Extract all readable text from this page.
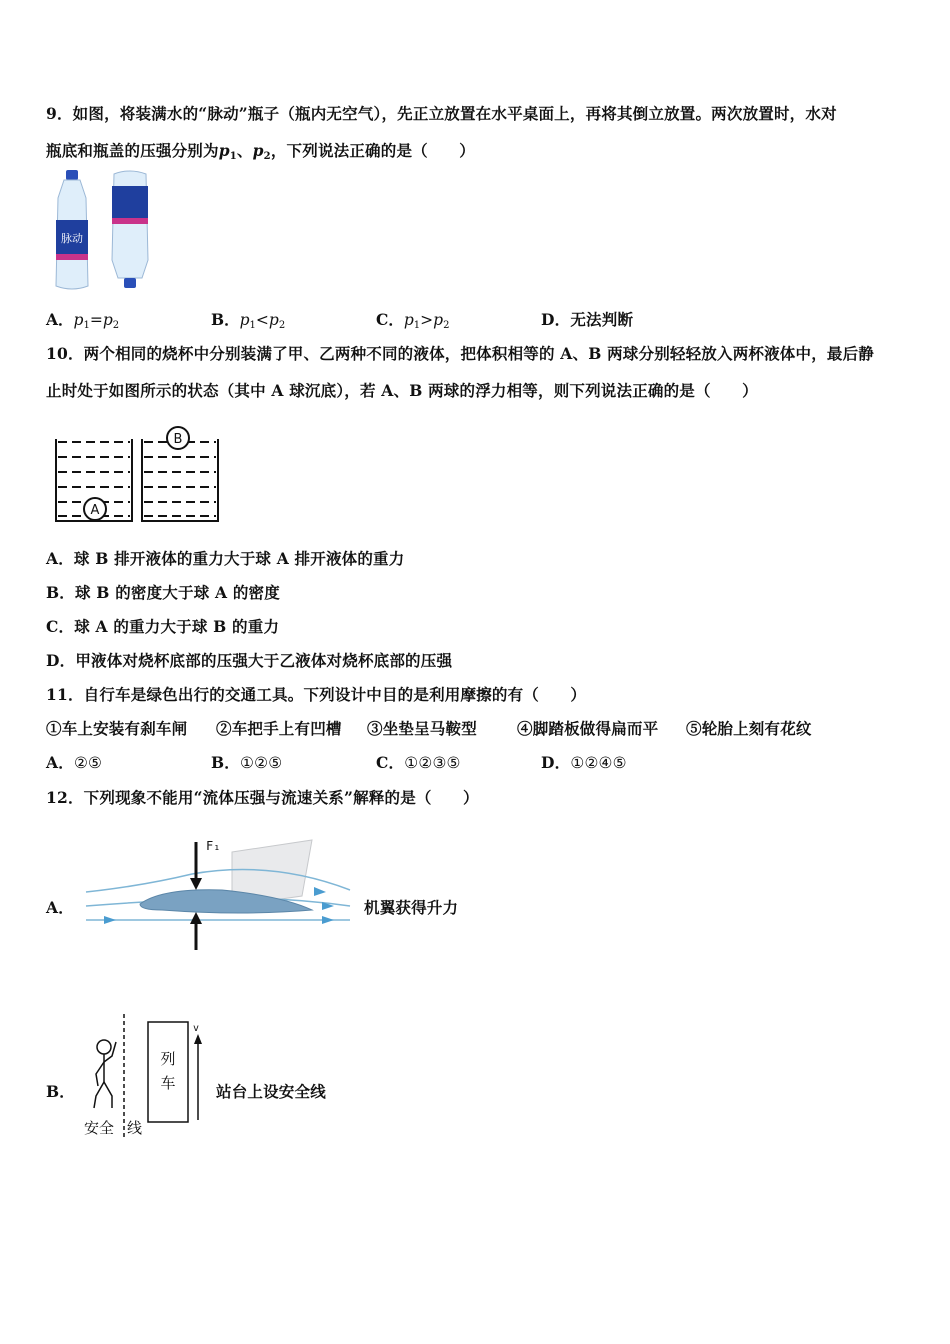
9．如图，将装满水的“脉动”瓶子（瓶内无空气），先正立放置在水平桌面上，再将其倒立放置。两次放置时，水对
瓶底和瓶盖的压强分别为$p_1$、$p_2$，下列说法正确的是（　　）
脉动
A．$p_1=p_2$	B．$p_1<p_2$	C．$p_1>p_2$	D．无法判断
10．两个相同的烧杯中分别装满了甲、乙两种不同的液体，把体积相等的 A、B 两球分别轻轻放入两杯液体中，最后静
止时处于如图所示的状态（其中 A 球沉底），若 A、B 两球的浮力相等，则下列说法正确的是（　　）
A
B
A．球 B 排开液体的重力大于球 A 排开液体的重力
B．球 B 的密度大于球 A 的密度
C．球 A 的重力大于球 B 的重力
D．甲液体对烧杯底部的压强大于乙液体对烧杯底部的压强
11．自行车是绿色出行的交通工具。下列设计中目的是利用摩擦的有（　　）
①车上安装有刹车闸 ②车把手上有凹槽 ③坐垫呈马鞍型	④脚踏板做得扁而平 ⑤轮胎上刻有花纹
A．②⑤	B．①②⑤	C．①②③⑤	D．①②④⑤
12．下列现象不能用“流体压强与流速关系”解释的是（　　）
A．
F₁
机翼获得升力
B．
列
车
v
安全 线
站台上设安全线
